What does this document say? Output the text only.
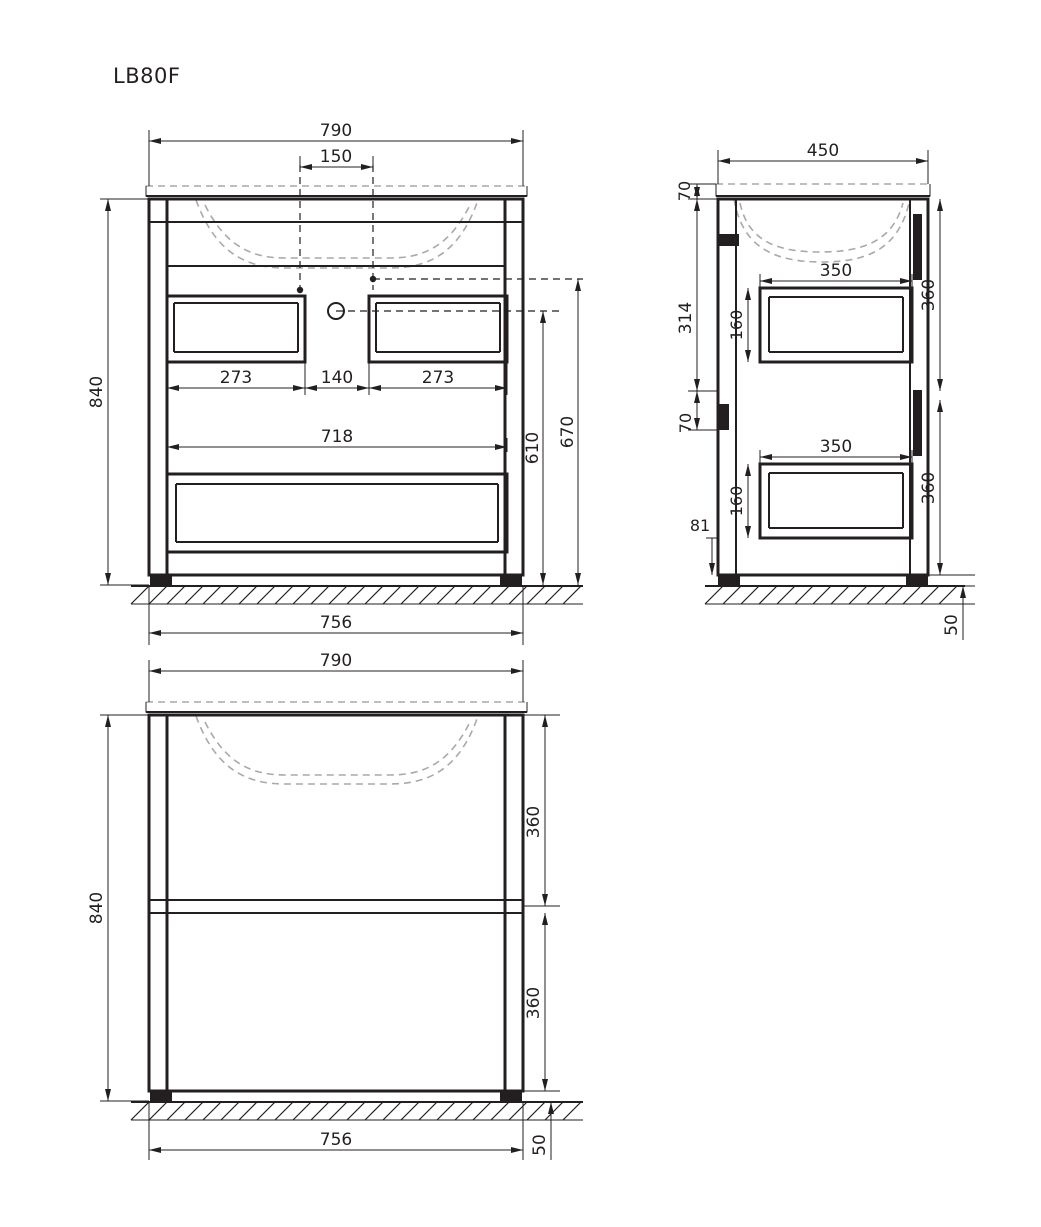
LB80F
790
150
840	273	140	273
718	610 670
756
450
70
350
160
360
314
70
350
160	360
81
50
790
840
360
360
756	50
